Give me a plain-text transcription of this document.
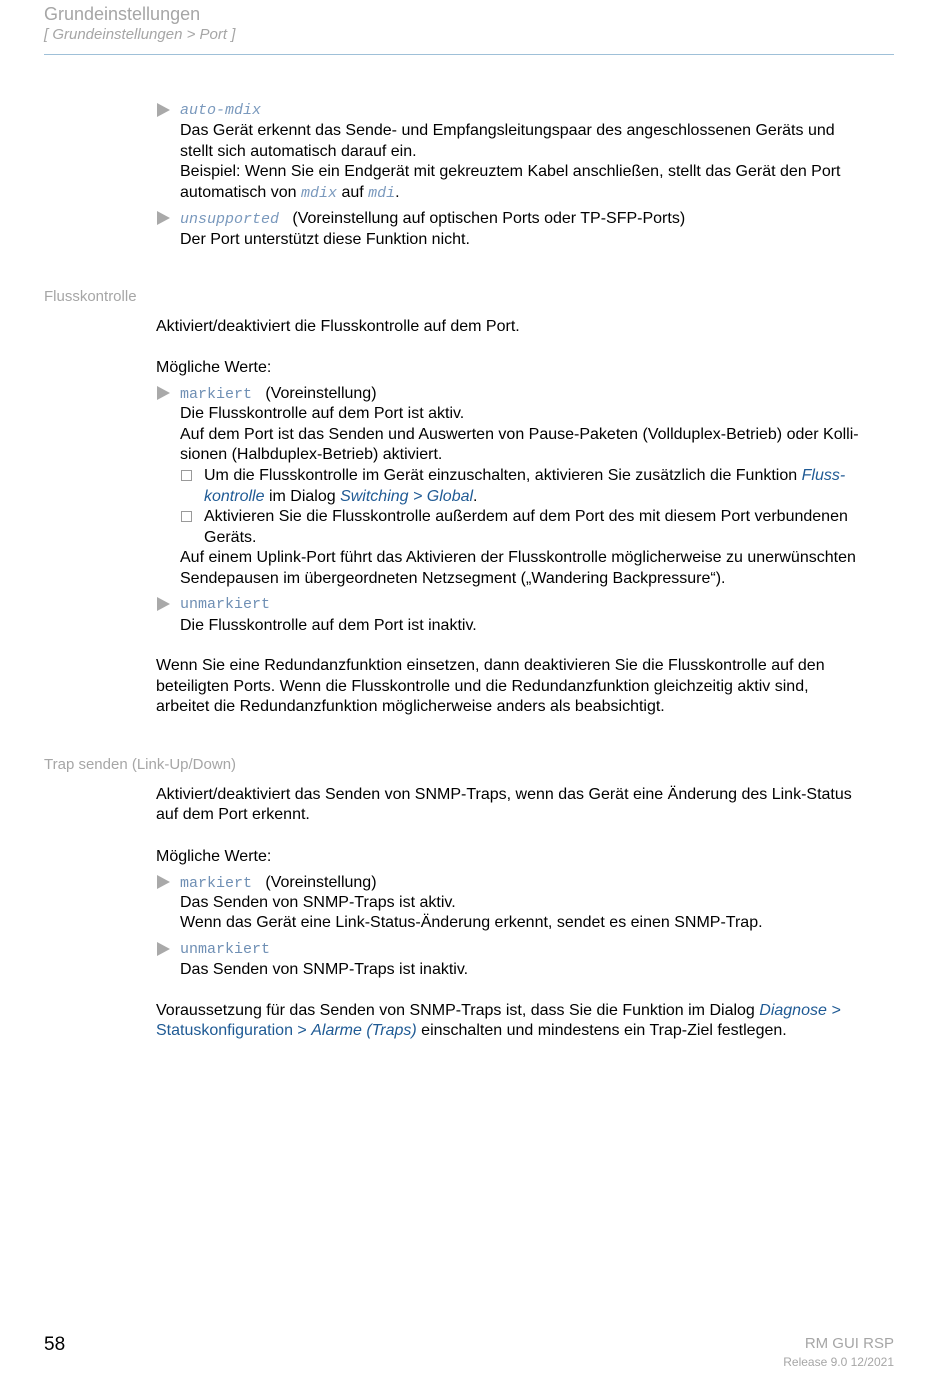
Grundeinstellungen
[ Grundeinstellungen > Port ]
auto-mdix
Das Gerät erkennt das Sende- und Empfangsleitungspaar des angeschlossenen Geräts und
stellt sich automatisch darauf ein.
Beispiel: Wenn Sie ein Endgerät mit gekreuztem Kabel anschließen, stellt das Gerät den Port
automatisch von mdix auf mdi.
unsupported (Voreinstellung auf optischen Ports oder TP-SFP-Ports)
Der Port unterstützt diese Funktion nicht.
Flusskontrolle
Aktiviert/deaktiviert die Flusskontrolle auf dem Port.
Mögliche Werte:
markiert (Voreinstellung)
Die Flusskontrolle auf dem Port ist aktiv.
Auf dem Port ist das Senden und Auswerten von Pause-Paketen (Vollduplex-Betrieb) oder Kolli-
sionen (Halbduplex-Betrieb) aktiviert.
Um die Flusskontrolle im Gerät einzuschalten, aktivieren Sie zusätzlich die Funktion Fluss-
kontrolle im Dialog Switching > Global.
Aktivieren Sie die Flusskontrolle außerdem auf dem Port des mit diesem Port verbundenen
Geräts.
Auf einem Uplink-Port führt das Aktivieren der Flusskontrolle möglicherweise zu unerwünschten
Sendepausen im übergeordneten Netzsegment („Wandering Backpressure“).
unmarkiert
Die Flusskontrolle auf dem Port ist inaktiv.
Wenn Sie eine Redundanzfunktion einsetzen, dann deaktivieren Sie die Flusskontrolle auf den
beteiligten Ports. Wenn die Flusskontrolle und die Redundanzfunktion gleichzeitig aktiv sind,
arbeitet die Redundanzfunktion möglicherweise anders als beabsichtigt.
Trap senden (Link-Up/Down)
Aktiviert/deaktiviert das Senden von SNMP-Traps, wenn das Gerät eine Änderung des Link-Status
auf dem Port erkennt.
Mögliche Werte:
markiert (Voreinstellung)
Das Senden von SNMP-Traps ist aktiv.
Wenn das Gerät eine Link-Status-Änderung erkennt, sendet es einen SNMP-Trap.
unmarkiert
Das Senden von SNMP-Traps ist inaktiv.
Voraussetzung für das Senden von SNMP-Traps ist, dass Sie die Funktion im Dialog Diagnose >
Statuskonfiguration > Alarme (Traps) einschalten und mindestens ein Trap-Ziel festlegen.
58	RM GUI RSP
Release 9.0 12/2021
